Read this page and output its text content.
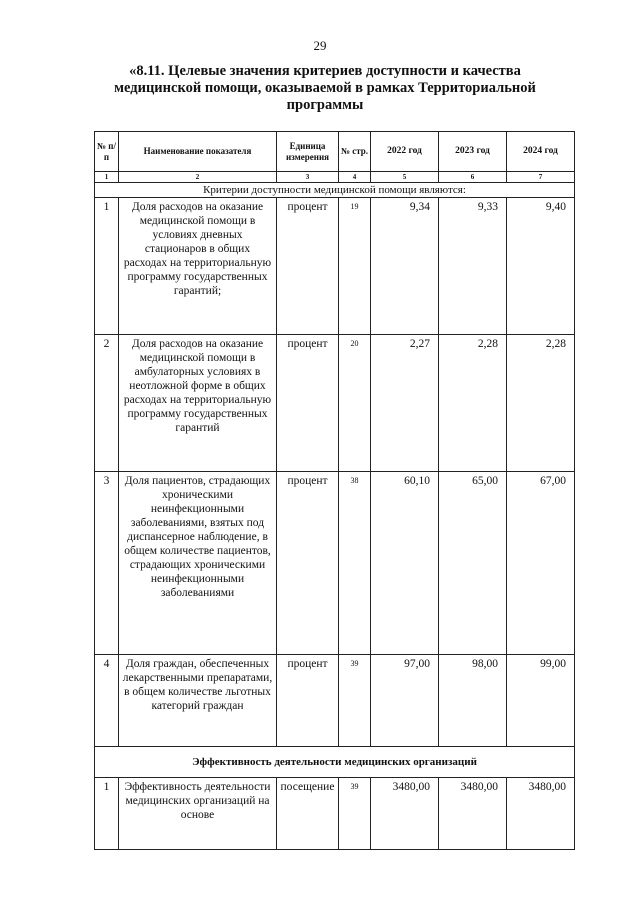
29
«8.11. Целевые значения критериев доступности и качества медицинской помощи, оказываемой в рамках Территориальной программы
№ п/п	Наименование показателя	Единица измерения	№ стр.	2022 год	2023 год	2024 год
1	2	3	4	5	6	7
Критерии доступности медицинской помощи являются:						
1	Доля расходов на оказание медицинской помощи в условиях дневных стационаров в общих расходах на территориальную программу государственных гарантий;	процент	19	9,34	9,33	9,40
2	Доля расходов на оказание медицинской помощи в амбулаторных условиях в неотложной форме в общих расходах на территориальную программу государственных гарантий	процент	20	2,27	2,28	2,28
3	Доля пациентов, страдающих хроническими неинфекционными заболеваниями, взятых под диспансерное наблюдение, в общем количестве пациентов, страдающих хроническими неинфекционными заболеваниями	процент	38	60,10	65,00	67,00
4	Доля граждан, обеспеченных лекарственными препаратами, в общем количестве льготных категорий граждан	процент	39	97,00	98,00	99,00
Эффективность деятельности медицинских организаций						
1	Эффективность деятельности медицинских организаций на основе	посещение	39	3480,00	3480,00	3480,00
